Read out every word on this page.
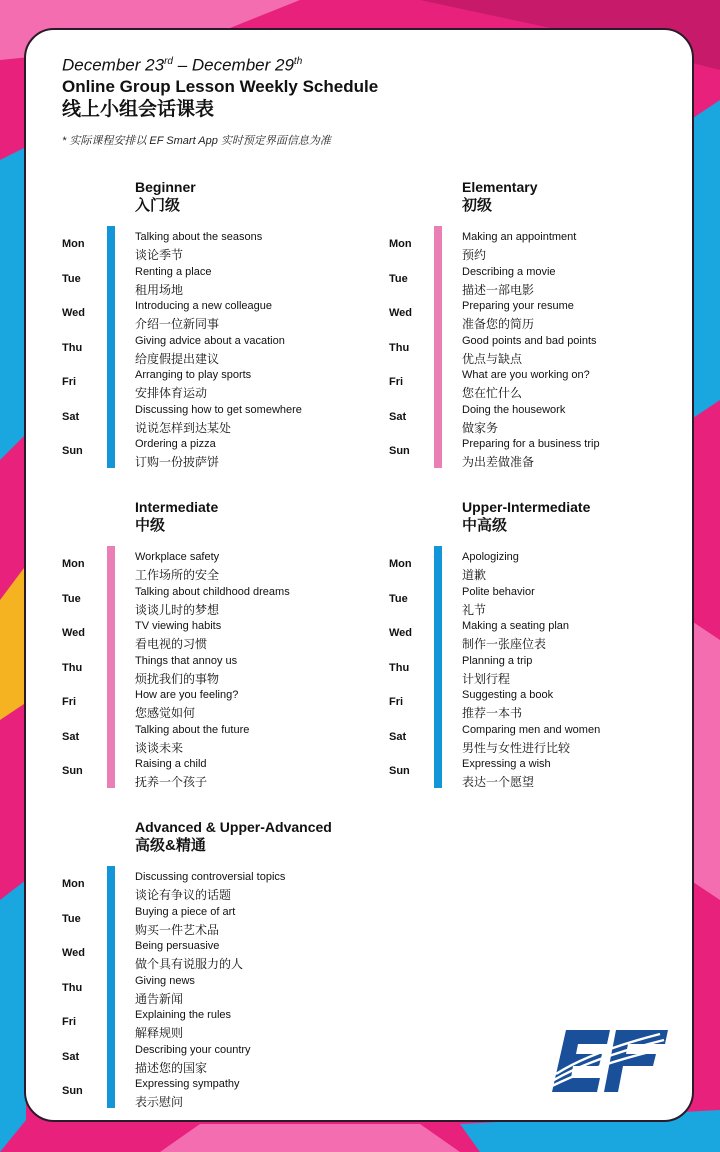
December 23rd – December 29th
Online Group Lesson Weekly Schedule
线上小组会话课表
* 实际课程安排以 EF Smart App 实时预定界面信息为准
Beginner
入门级
Mon
Talking about the seasons
谈论季节
Tue
Renting a place
租用场地
Wed
Introducing a new colleague
介绍一位新同事
Thu
Giving advice about a vacation
给度假提出建议
Fri
Arranging to play sports
安排体育运动
Sat
Discussing how to get somewhere
说说怎样到达某处
Sun
Ordering a pizza
订购一份披萨饼
Elementary
初级
Mon
Making an appointment
预约
Tue
Describing a movie
描述一部电影
Wed
Preparing your resume
准备您的简历
Thu
Good points and bad points
优点与缺点
Fri
What are you working on?
您在忙什么
Sat
Doing the housework
做家务
Sun
Preparing for a business trip
为出差做准备
Intermediate
中级
Mon
Workplace safety
工作场所的安全
Tue
Talking about childhood dreams
谈谈儿时的梦想
Wed
TV viewing habits
看电视的习惯
Thu
Things that annoy us
烦扰我们的事物
Fri
How are you feeling?
您感觉如何
Sat
Talking about the future
谈谈未来
Sun
Raising a child
抚养一个孩子
Upper-Intermediate
中高级
Mon
Apologizing
道歉
Tue
Polite behavior
礼节
Wed
Making a seating plan
制作一张座位表
Thu
Planning a trip
计划行程
Fri
Suggesting a book
推荐一本书
Sat
Comparing men and women
男性与女性进行比较
Sun
Expressing a wish
表达一个愿望
Advanced & Upper-Advanced
高级&精通
Mon
Discussing controversial topics
谈论有争议的话题
Tue
Buying a piece of art
购买一件艺术品
Wed
Being persuasive
做个具有说服力的人
Thu
Giving news
通告新闻
Fri
Explaining the rules
解释规则
Sat
Describing your country
描述您的国家
Sun
Expressing sympathy
表示慰问
